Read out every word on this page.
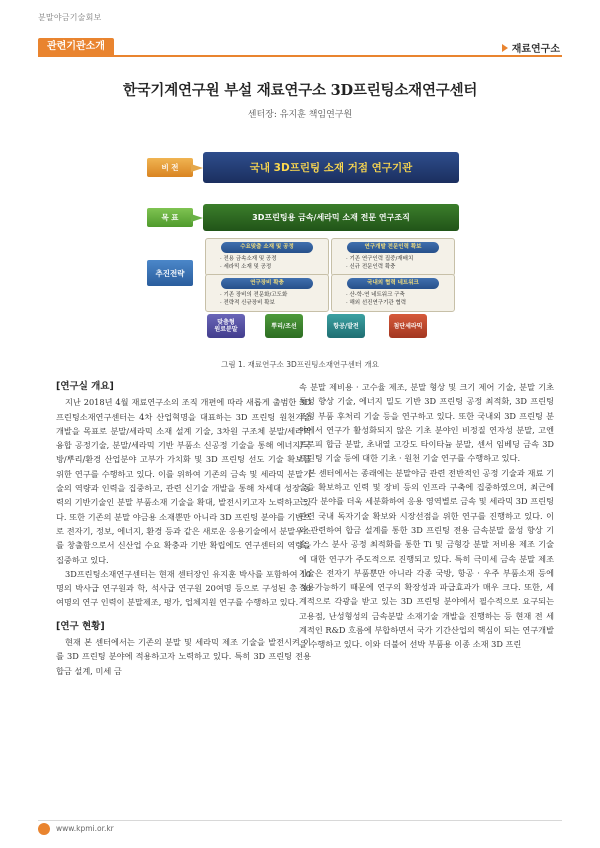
분말야금기술회보
관련기관소개	재료연구소
한국기계연구원 부설 재료연구소 3D프린팅소재연구센터
센터장: 유지훈 책임연구원
비 전	국내 3D프린팅 소재 거점 연구기관
목 표	3D프린팅용 금속/세라믹 소재 전문 연구조직
추진전략
수요맞춤 소재 및 공정
· 전용 금속소재 및 공정
· 세라믹 소재 및 공정
연구개발 전문인력 확보
· 기존 연구인력 집중/재배치
· 신규 전문인력 확충
연구장비 확충
· 기존 장비의 전문화/고도화
· 전략적 신규장비 확보
국내외 협력 네트워크
· 산-학-연 네트워크 구축
· 해외 선진연구기관 협력
맞춤형
원료분말	뿌리/조선	항공/발전	첨단세라믹
그림 1. 재료연구소 3D프린팅소재연구센터 개요
[연구실 개요]
지난 2018년 4월 재료연구소의 조직 개편에 따라 새롭게 출범한 3D프린팅소재연구센터는 4차 산업혁명을 대표하는 3D 프린팅 원천기술 개발을 목표로 분말/세라믹 소재 설계 기술, 3차원 구조체 분말/세라믹 융합 공정기술, 분말/세라믹 기반 부품소 신공정 기술을 통해 에너지/국방/뿌리/환경 산업분야 고부가 가치화 및 3D 프린팅 선도 기술 확보를 위한 연구를 수행하고 있다. 이를 위하여 기존의 금속 및 세라믹 분말기술의 역량과 인력을 집중하고, 관련 신기술 개발을 통해 차세대 성장 동력의 기반기술인 분말 부품소재 기술을 확대, 발전시키고자 노력하고 있다. 또한 기존의 분말 야금용 소재뿐만 아니라 3D 프린팅 분야를 기반으로 전자기, 정보, 에너지, 환경 등과 같은 새로운 응용기술에서 분말우소를 창출함으로서 신산업 수요 확충과 기반 확립에도 연구센터의 역량을 집중하고 있다.
3D프린팅소재연구센터는 현재 센터장인 유지훈 박사를 포함하여 10명의 박사급 연구원과 학, 석사급 연구원 20여명 등으로 구성된 총 30여명의 연구 인력이 분말제조, 평가, 업체지원 연구를 수행하고 있다.
[연구 현황]
현재 본 센터에서는 기존의 분말 및 세라믹 제조 기술을 발전시켜 이를 3D 프린팅 분야에 적용하고자 노력하고 있다. 특히 3D 프린팅 전용 합금 설계, 미세 금
속 분말 제비용 · 고수율 제조, 분말 형상 및 크기 제어 기술, 분말 기초 특성 향상 기술, 에너지 밀도 기반 3D 프린팅 공정 최적화, 3D 프린팅 조형 부품 후처리 기술 등을 연구하고 있다. 또한 국내외 3D 프린팅 분야에서 연구가 활성화되지 않은 기초 분야인 비정질 연자성 분말, 고엔트로피 합금 분말, 초내열 고강도 타이타늄 분말, 센서 임베딩 금속 3D 프린팅 기술 등에 대한 기초 · 원천 기술 연구를 수행하고 있다.
본 센터에서는 종래에는 분말야금 관련 전반적인 공정 기술과 재료 기술을 확보하고 인력 및 장비 등의 인프라 구축에 집중하였으며, 최근에는 각 분야를 더욱 세분화하여 응용 영역별로 금속 및 세라믹 3D 프린팅 관련 국내 독자기술 확보와 시장선점을 위한 연구를 진행하고 있다. 이와 관련하여 합금 설계를 통한 3D 프린팅 전용 금속분말 물성 향상 기술, 가스 분사 공정 최적화를 통한 Ti 및 금형강 분말 저비용 제조 기술에 대한 연구가 주도적으로 진행되고 있다. 특히 극미세 금속 분말 제조 기술은 전자기 부품뿐만 아니라 각종 국방, 항공 · 우주 부품소재 등에 적용가능하기 때문에 연구의 확장성과 파급효과가 매우 크다. 또한, 세계적으로 각광을 받고 있는 3D 프린팅 분야에서 필수적으로 요구되는 고용점, 난성형성의 금속분말 소재기술 개발을 진행하는 등 현재 전 세계적인 R&D 흐름에 부합하면서 국가 기간산업의 핵심이 되는 연구개발을 수행하고 있다. 이와 더불어 선박 부품용 이종 소재 3D 프린
www.kpmi.or.kr
